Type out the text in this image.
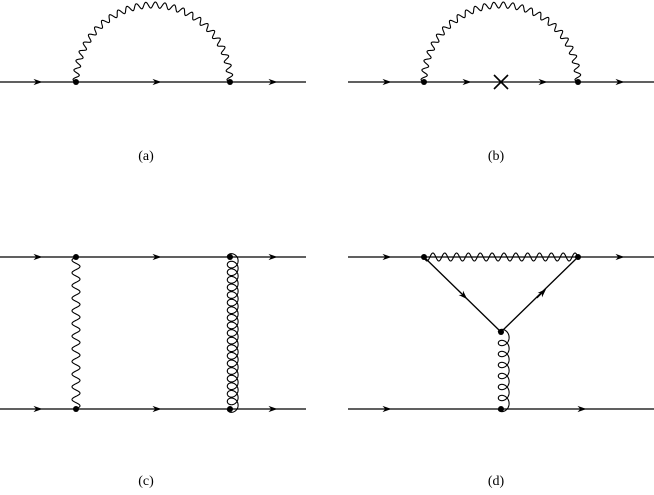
(a)	(b)
(c)	(d)
